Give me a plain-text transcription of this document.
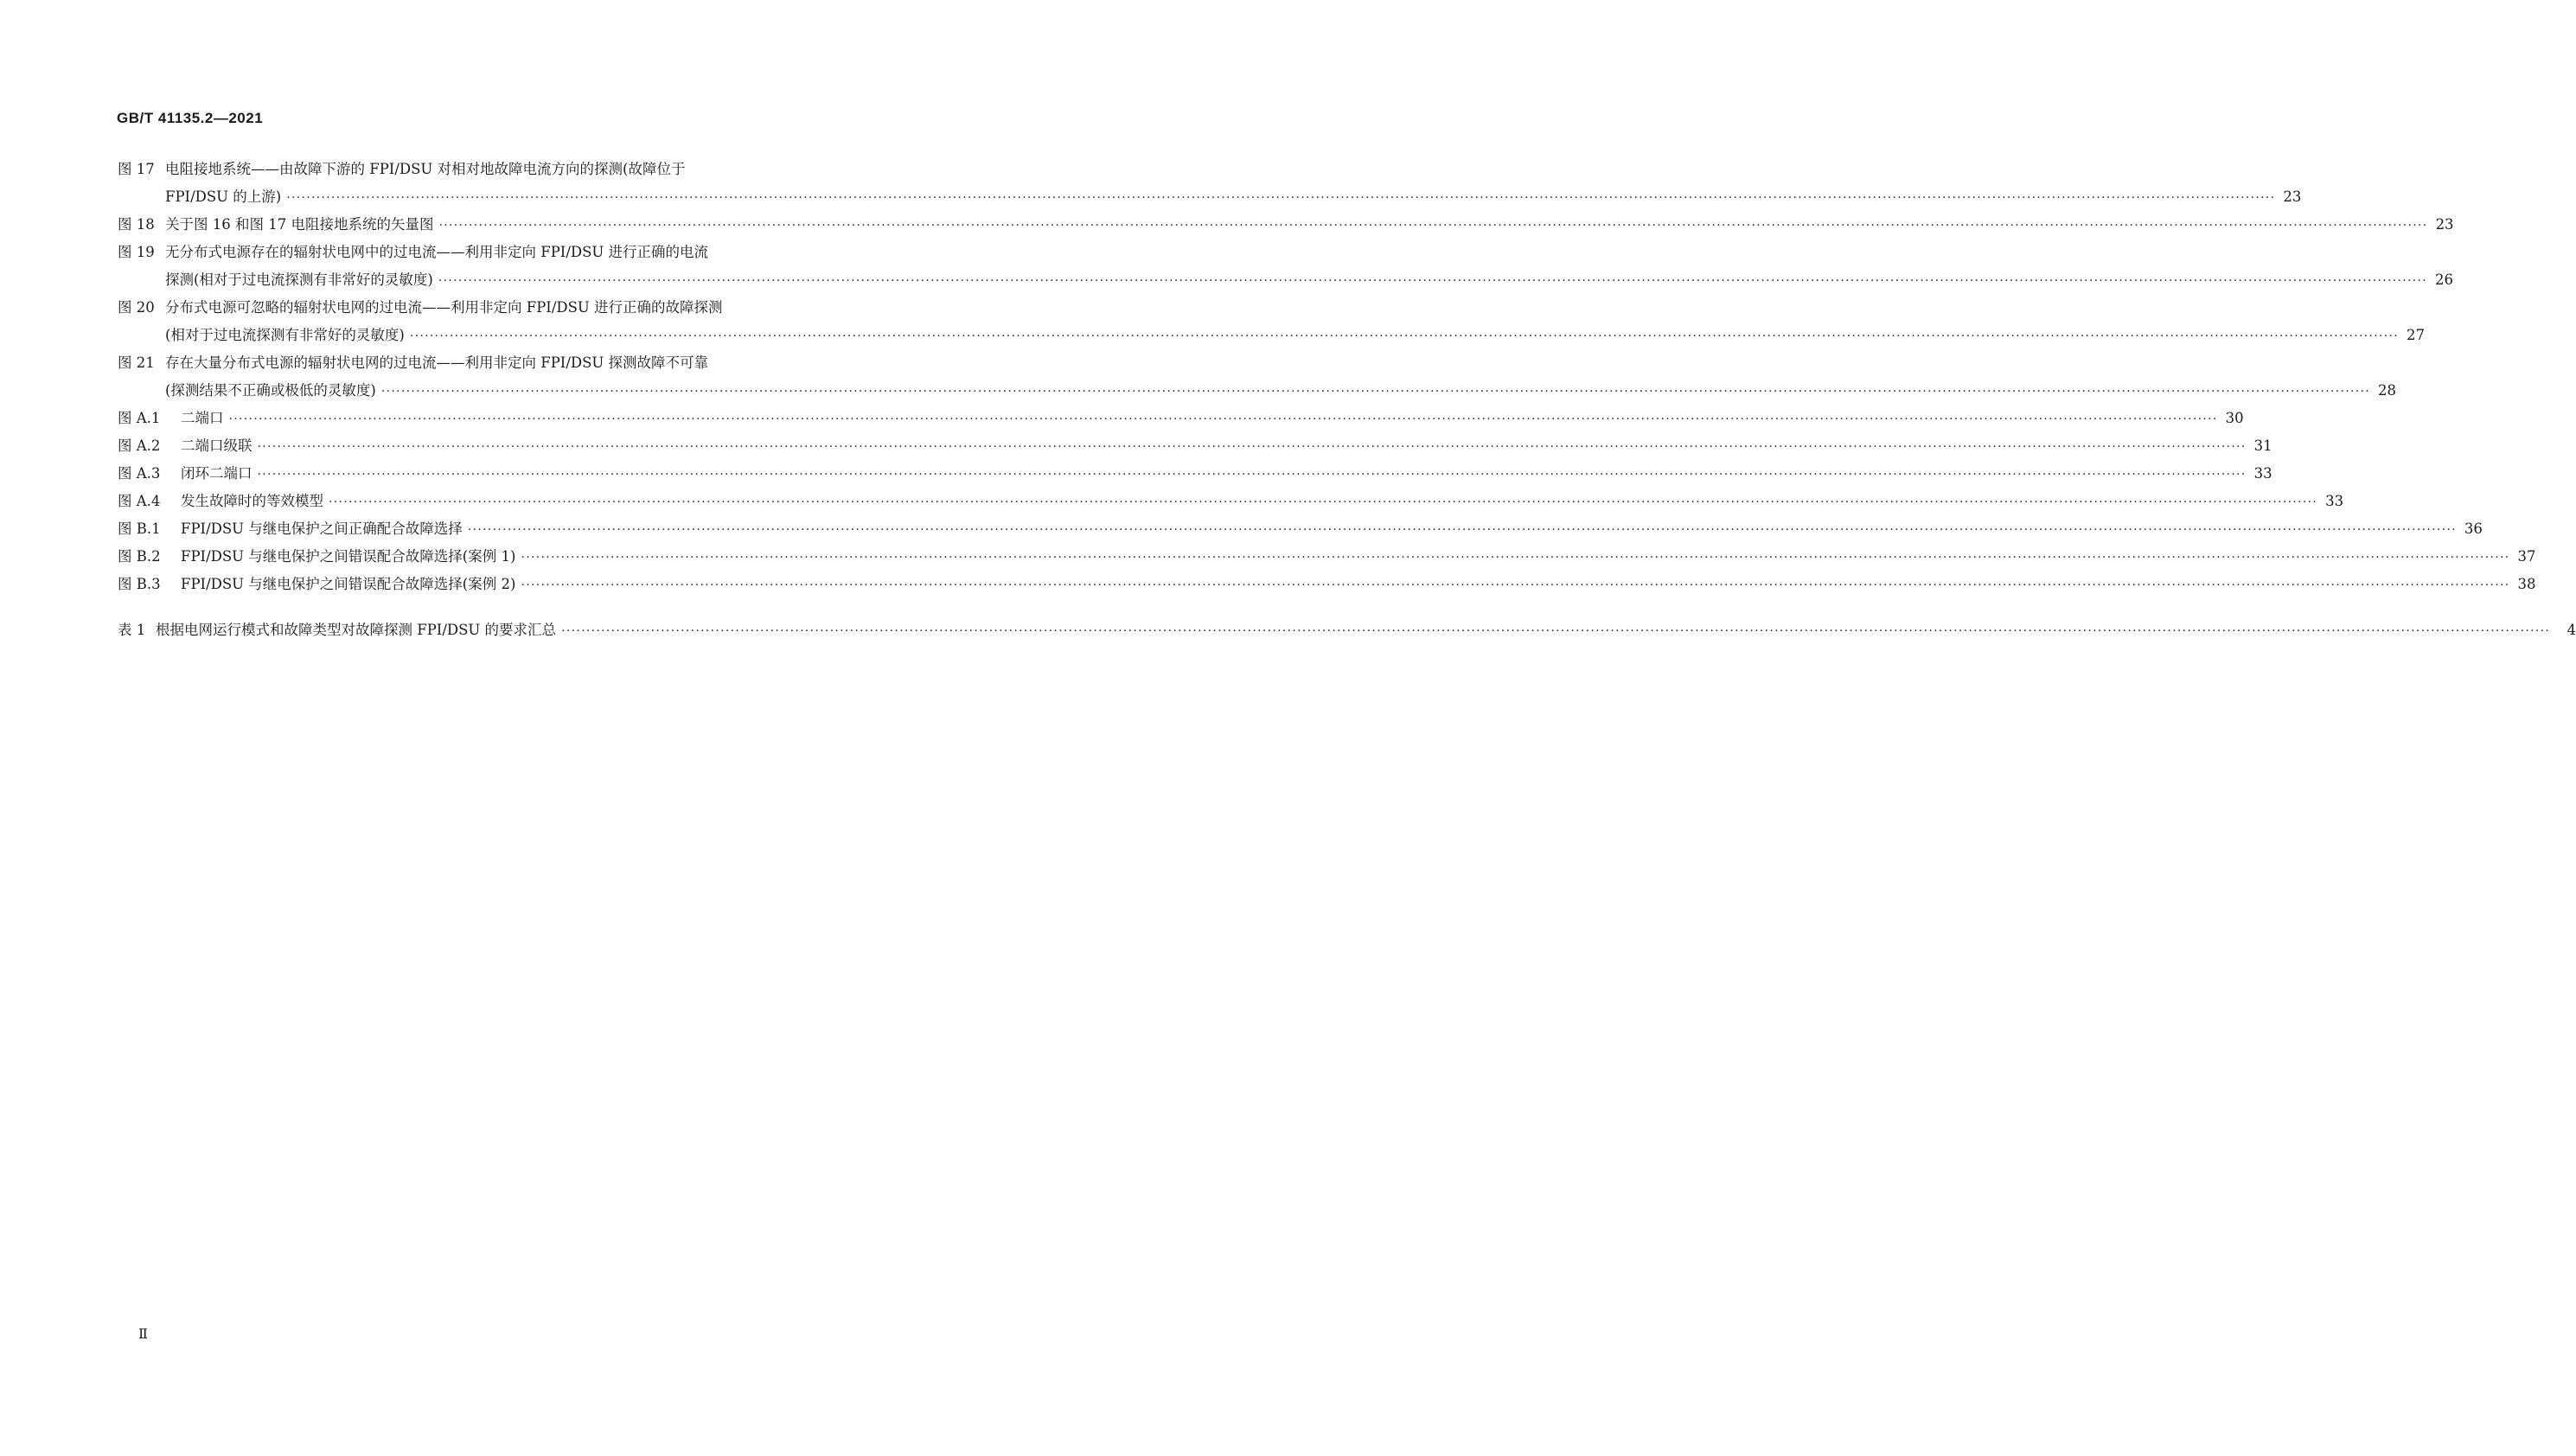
GB/T 41135.2—2021
图 17 电阻接地系统——由故障下游的 FPI/DSU 对相对地故障电流方向的探测(故障位于
FPI/DSU 的上游) ················································································································································································································································································································································································································ 23
图 18 关于图 16 和图 17 电阻接地系统的矢量图 ················································································································································································································································································································································································································ 23
图 19 无分布式电源存在的辐射状电网中的过电流——利用非定向 FPI/DSU 进行正确的电流
探测(相对于过电流探测有非常好的灵敏度) ················································································································································································································································································································································································································ 26
图 20 分布式电源可忽略的辐射状电网的过电流——利用非定向 FPI/DSU 进行正确的故障探测
(相对于过电流探测有非常好的灵敏度) ················································································································································································································································································································································································································ 27
图 21 存在大量分布式电源的辐射状电网的过电流——利用非定向 FPI/DSU 探测故障不可靠
(探测结果不正确或极低的灵敏度) ················································································································································································································································································································································································································ 28
图 A.1	二端口 ················································································································································································································································································································································································································ 30
图 A.2	二端口级联 ················································································································································································································································································································································································································ 31
图 A.3	闭环二端口 ················································································································································································································································································································································································································ 33
图 A.4	发生故障时的等效模型 ················································································································································································································································································································································································································ 33
图 B.1	FPI/DSU 与继电保护之间正确配合故障选择 ················································································································································································································································································································································································································ 36
图 B.2	FPI/DSU 与继电保护之间错误配合故障选择(案例 1) ················································································································································································································································································································································································································ 37
图 B.3	FPI/DSU 与继电保护之间错误配合故障选择(案例 2) ················································································································································································································································································································································································································ 38
表 1 根据电网运行模式和故障类型对故障探测 FPI/DSU 的要求汇总 ················································································································································································································································································································································································································	4
Ⅱ
